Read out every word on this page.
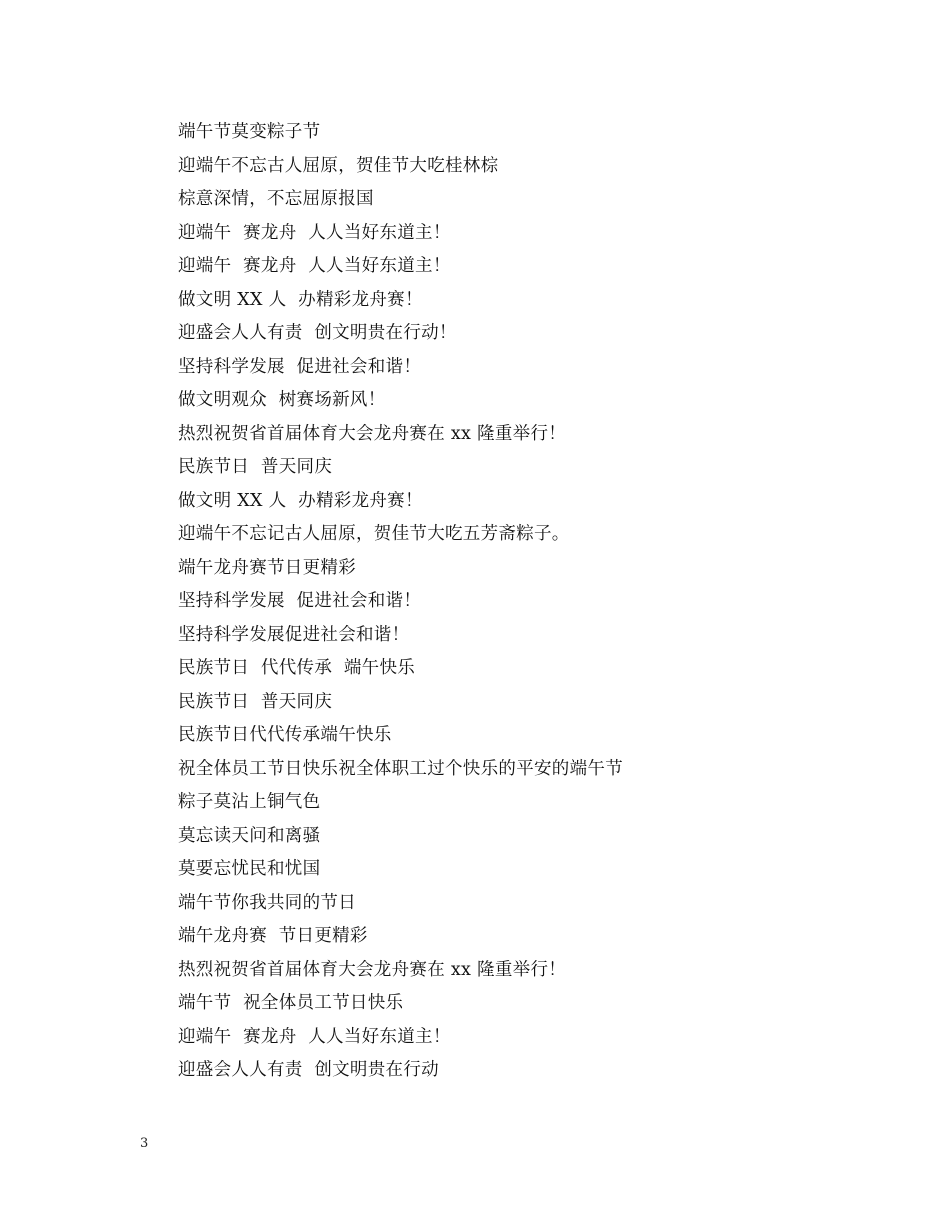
端午节莫变粽子节
迎端午不忘古人屈原，贺佳节大吃桂林棕
棕意深情，不忘屈原报国
迎端午  赛龙舟  人人当好东道主！
迎端午  赛龙舟  人人当好东道主！
做文明 XX 人  办精彩龙舟赛！
迎盛会人人有责  创文明贵在行动！
坚持科学发展  促进社会和谐！
做文明观众  树赛场新风！
热烈祝贺省首届体育大会龙舟赛在 xx 隆重举行！
民族节日  普天同庆
做文明 XX 人  办精彩龙舟赛！
迎端午不忘记古人屈原，贺佳节大吃五芳斋粽子。
端午龙舟赛节日更精彩
坚持科学发展  促进社会和谐！
坚持科学发展促进社会和谐！
民族节日  代代传承  端午快乐
民族节日  普天同庆
民族节日代代传承端午快乐
祝全体员工节日快乐祝全体职工过个快乐的平安的端午节
粽子莫沾上铜气色
莫忘读天问和离骚
莫要忘忧民和忧国
端午节你我共同的节日
端午龙舟赛  节日更精彩
热烈祝贺省首届体育大会龙舟赛在 xx 隆重举行！
端午节  祝全体员工节日快乐
迎端午  赛龙舟  人人当好东道主！
迎盛会人人有责  创文明贵在行动
3
